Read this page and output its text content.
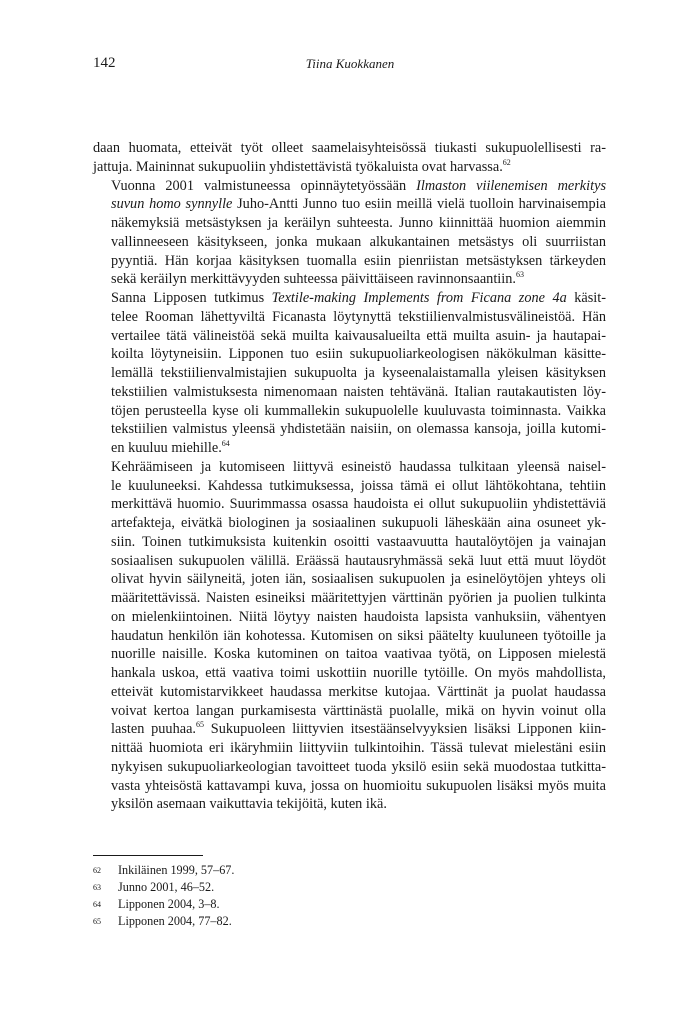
142	Tiina Kuokkanen

daan huomata, etteivät työt olleet saamelaisyhteisössä tiukasti sukupuolellisesti ra-
jattuja. Maininnat sukupuoliin yhdistettävistä työkaluista ovat harvassa.$^{62}$

Vuonna 2001 valmistuneessa opinnäytetyössään Ilmaston viilenemisen merkitys
suvun homo synnylle Juho-Antti Junno tuo esiin meillä vielä tuolloin harvinaisempia
näkemyksiä metsästyksen ja keräilyn suhteesta. Junno kiinnittää huomion aiemmin
vallinneeseen käsitykseen, jonka mukaan alkukantainen metsästys oli suurriistan
pyyntiä. Hän korjaa käsityksen tuomalla esiin pienriistan metsästyksen tärkeyden
sekä keräilyn merkittävyyden suhteessa päivittäiseen ravinnonsaantiin.$^{63}$

Sanna Lipposen tutkimus Textile-making Implements from Ficana zone 4a käsit-
telee Rooman lähettyviltä Ficanasta löytynyttä tekstiilienvalmistusvälineistöä. Hän
vertailee tätä välineistöä sekä muilta kaivausalueilta että muilta asuin- ja hautapai-
koilta löytyneisiin. Lipponen tuo esiin sukupuoliarkeologisen näkökulman käsitte-
lemällä tekstiilienvalmistajien sukupuolta ja kyseenalaistamalla yleisen käsityksen
tekstiilien valmistuksesta nimenomaan naisten tehtävänä. Italian rautakautisten löy-
töjen perusteella kyse oli kummallekin sukupuolelle kuuluvasta toiminnasta. Vaikka
tekstiilien valmistus yleensä yhdistetään naisiin, on olemassa kansoja, joilla kutomi-
en kuuluu miehille.$^{64}$

Kehräämiseen ja kutomiseen liittyvä esineistö haudassa tulkitaan yleensä naisel-
le kuuluneeksi. Kahdessa tutkimuksessa, joissa tämä ei ollut lähtökohtana, tehtiin
merkittävä huomio. Suurimmassa osassa haudoista ei ollut sukupuoliin yhdistettäviä
artefakteja, eivätkä biologinen ja sosiaalinen sukupuoli läheskään aina osuneet yk-
siin. Toinen tutkimuksista kuitenkin osoitti vastaavuutta hautalöytöjen ja vainajan
sosiaalisen sukupuolen välillä. Eräässä hautausryhmässä sekä luut että muut löydöt
olivat hyvin säilyneitä, joten iän, sosiaalisen sukupuolen ja esinelöytöjen yhteys oli
määritettävissä. Naisten esineiksi määritettyjen värttinän pyörien ja puolien tulkinta
on mielenkiintoinen. Niitä löytyy naisten haudoista lapsista vanhuksiin, vähentyen
haudatun henkilön iän kohotessa. Kutomisen on siksi päätelty kuuluneen työtoille ja
nuorille naisille. Koska kutominen on taitoa vaativaa työtä, on Lipposen mielestä
hankala uskoa, että vaativa toimi uskottiin nuorille tytöille. On myös mahdollista,
etteivät kutomistarvikkeet haudassa merkitse kutojaa. Värttinät ja puolat haudassa
voivat kertoa langan purkamisesta värttinästä puolalle, mikä on hyvin voinut olla
lasten puuhaa.$^{65}$ Sukupuoleen liittyvien itsestäänselvyyksien lisäksi Lipponen kiin-
nittää huomiota eri ikäryhmiin liittyviin tulkintoihin. Tässä tulevat mielestäni esiin
nykyisen sukupuoliarkeologian tavoitteet tuoda yksilö esiin sekä muodostaa tutkitta-
vasta yhteisöstä kattavampi kuva, jossa on huomioitu sukupuolen lisäksi myös muita
yksilön asemaan vaikuttavia tekijöitä, kuten ikä.

62	Inkiläinen 1999, 57–67.
63	Junno 2001, 46–52.
64	Lipponen 2004, 3–8.
65	Lipponen 2004, 77–82.
